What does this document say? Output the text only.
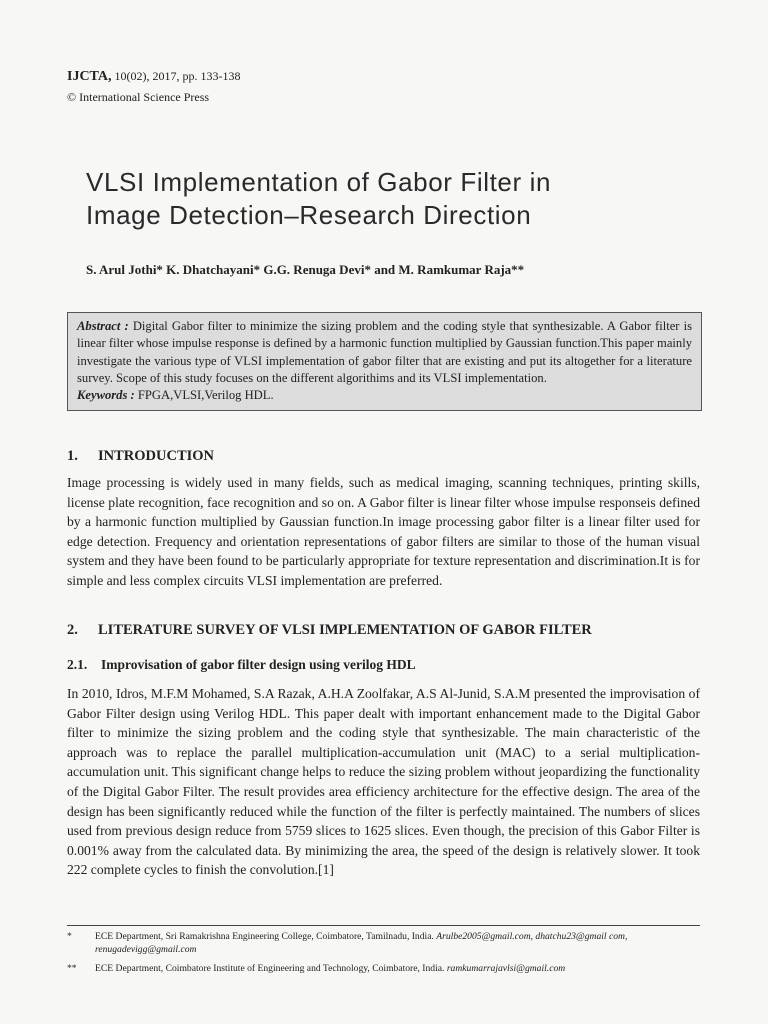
IJCTA, 10(02), 2017, pp. 133-138
© International Science Press
VLSI Implementation of Gabor Filter in
Image Detection–Research Direction
S. Arul Jothi* K. Dhatchayani* G.G. Renuga Devi* and M. Ramkumar Raja**
Abstract : Digital Gabor filter to minimize the sizing problem and the coding style that synthesizable. A Gabor filter is linear filter whose impulse response is defined by a harmonic function multiplied by Gaussian function.This paper mainly investigate the various type of VLSI implementation of gabor filter that are existing and put its altogether for a literature survey. Scope of this study focuses on the different algorithims and its VLSI implementation.
Keywords : FPGA,VLSI,Verilog HDL.
1. INTRODUCTION
Image processing is widely used in many fields, such as medical imaging, scanning techniques, printing skills, license plate recognition, face recognition and so on. A Gabor filter is linear filter whose impulse responseis defined by a harmonic function multiplied by Gaussian function.In image processing gabor filter is a linear filter used for edge detection. Frequency and orientation representations of gabor filters are similar to those of the human visual system and they have been found to be particularly appropriate for texture representation and discrimination.It is for simple and less complex circuits VLSI implementation are preferred.
2. LITERATURE SURVEY OF VLSI IMPLEMENTATION OF GABOR FILTER
2.1. Improvisation of gabor filter design using verilog HDL
In 2010, Idros, M.F.M Mohamed, S.A Razak, A.H.A Zoolfakar, A.S Al-Junid, S.A.M presented the improvisation of Gabor Filter design using Verilog HDL. This paper dealt with important enhancement made to the Digital Gabor filter to minimize the sizing problem and the coding style that synthesizable. The main characteristic of the approach was to replace the parallel multiplication-accumulation unit (MAC) to a serial multiplication-accumulation unit. This significant change helps to reduce the sizing problem without jeopardizing the functionality of the Digital Gabor Filter. The result provides area efficiency architecture for the effective design. The area of the design has been significantly reduced while the function of the filter is perfectly maintained. The numbers of slices used from previous design reduce from 5759 slices to 1625 slices. Even though, the precision of this Gabor Filter is 0.001% away from the calculated data. By minimizing the area, the speed of the design is relatively slower. It took 222 complete cycles to finish the convolution.[1]
* ECE Department, Sri Ramakrishna Engineering College, Coimbatore, Tamilnadu, India. Arulbe2005@gmail.com, dhatchu23@gmail com, renugadevigg@gmail.com
** ECE Department, Coimbatore Institute of Engineering and Technology, Coimbatore, India. ramkumarrajavlsi@gmail.com
